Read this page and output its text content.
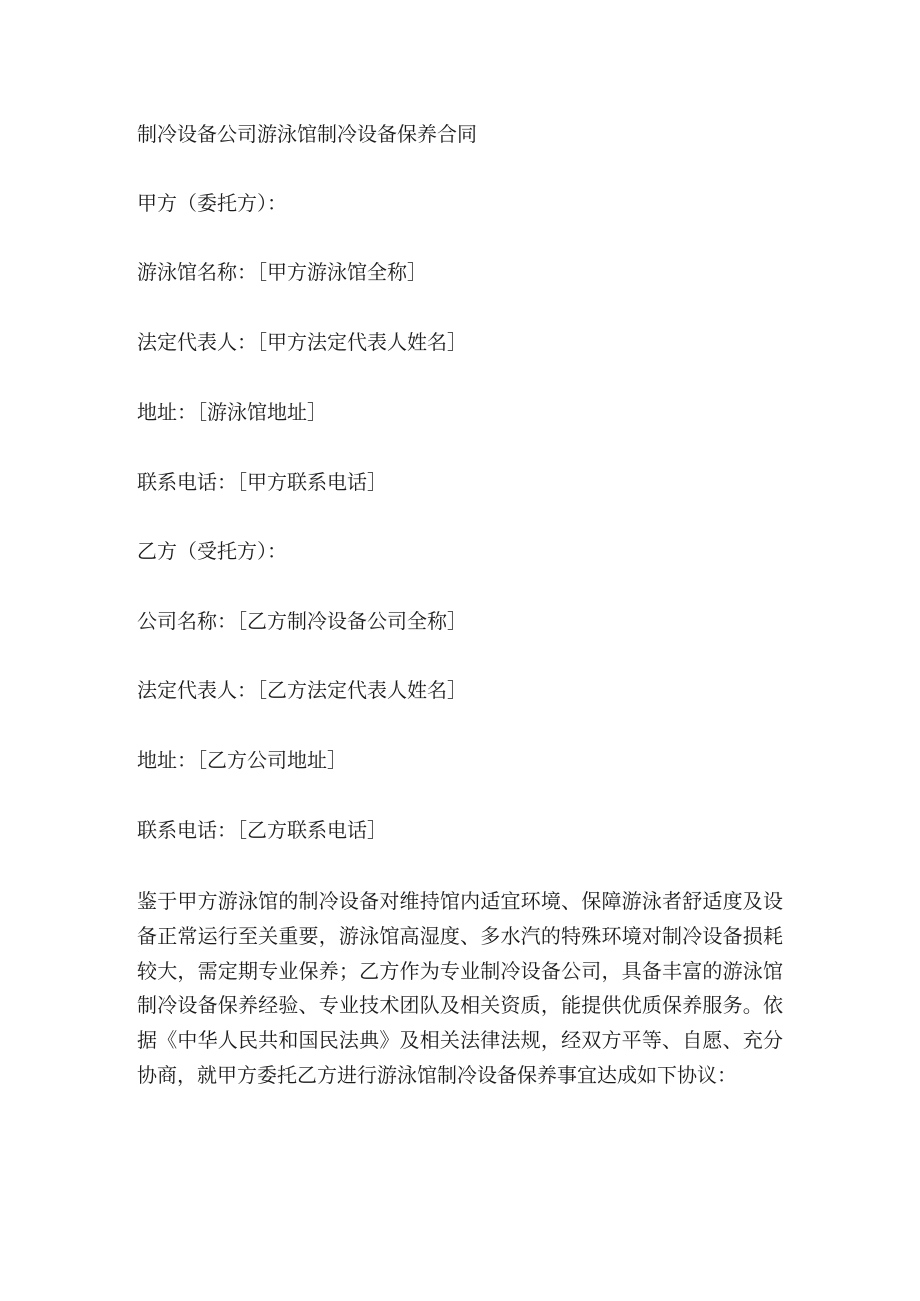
制冷设备公司游泳馆制冷设备保养合同
甲方（委托方）：
游泳馆名称：［甲方游泳馆全称］
法定代表人：［甲方法定代表人姓名］
地址：［游泳馆地址］
联系电话：［甲方联系电话］
乙方（受托方）：
公司名称：［乙方制冷设备公司全称］
法定代表人：［乙方法定代表人姓名］
地址：［乙方公司地址］
联系电话：［乙方联系电话］
鉴于甲方游泳馆的制冷设备对维持馆内适宜环境、保障游泳者舒适度及设备正常运行至关重要，游泳馆高湿度、多水汽的特殊环境对制冷设备损耗较大，需定期专业保养；乙方作为专业制冷设备公司，具备丰富的游泳馆制冷设备保养经验、专业技术团队及相关资质，能提供优质保养服务。依据《中华人民共和国民法典》及相关法律法规，经双方平等、自愿、充分协商，就甲方委托乙方进行游泳馆制冷设备保养事宜达成如下协议：
